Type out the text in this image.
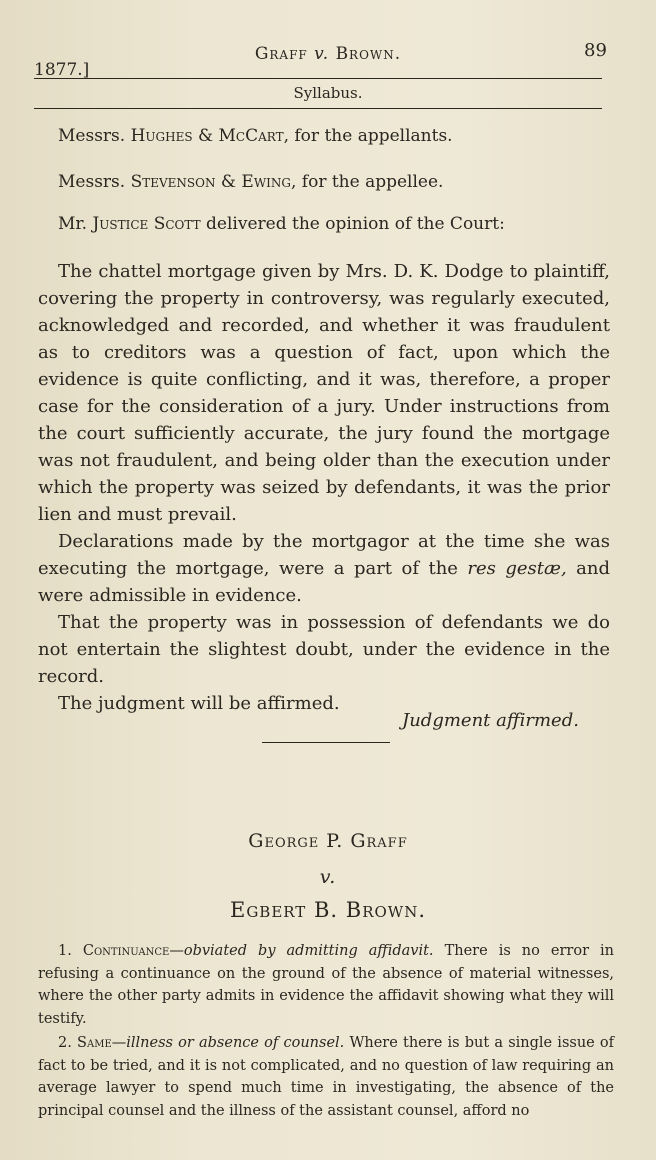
1877.]
Graff v. Brown.	89
Syllabus.
Messrs. Hughes & McCart, for the appellants.
Messrs. Stevenson & Ewing, for the appellee.
Mr. Justice Scott delivered the opinion of the Court:

The chattel mortgage given by Mrs. D. K. Dodge to plaintiff, covering the property in controversy, was regularly executed, acknowledged and recorded, and whether it was fraudulent as to creditors was a question of fact, upon which the evidence is quite conflicting, and it was, therefore, a proper case for the consideration of a jury. Under instructions from the court sufficiently accurate, the jury found the mortgage was not fraudulent, and being older than the execution under which the property was seized by defendants, it was the prior lien and must prevail.

Declarations made by the mortgagor at the time she was executing the mortgage, were a part of the res gestæ, and were admissible in evidence.

That the property was in possession of defendants we do not entertain the slightest doubt, under the evidence in the record.

The judgment will be affirmed.

Judgment affirmed.
George P. Graff
v.
Egbert B. Brown.

1. Continuance—obviated by admitting affidavit. There is no error in refusing a continuance on the ground of the absence of material witnesses, where the other party admits in evidence the affidavit showing what they will testify.

2. Same—illness or absence of counsel. Where there is but a single issue of fact to be tried, and it is not complicated, and no question of law requiring an average lawyer to spend much time in investigating, the absence of the principal counsel and the illness of the assistant counsel, afford no
